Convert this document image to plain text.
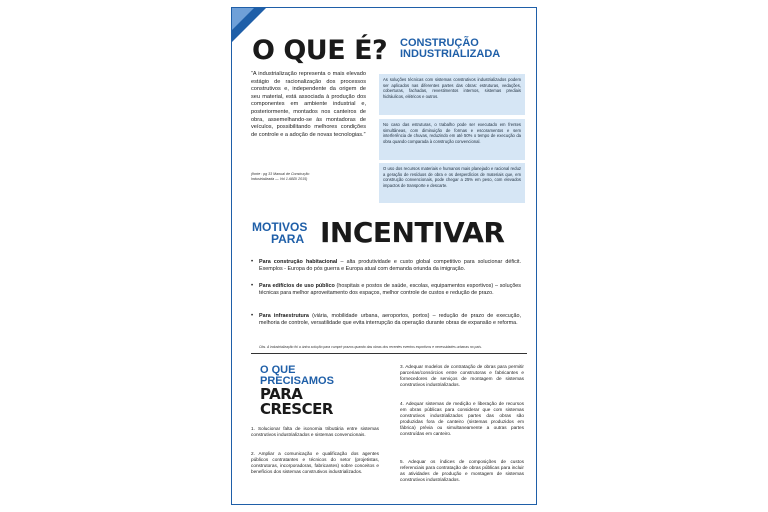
O QUE É? CONSTRUÇÃO
INDUSTRIALIZADA
“A industrialização representa o mais elevado estágio de racionalização dos processos construtivos e, independente da origem de seu material, está associada à produção dos componentes em ambiente industrial e, posteriormente, montados nos canteiros de obra, assemelhando-se às montadoras de veículos, possibilitando melhores condições de controle e a adoção de novas tecnologias.”
(fonte : pg 33 Manual de Construção Industrializada — Vol 1 ABDI 2015)
As soluções técnicas com sistemas construtivos industrializados podem ser aplicados nas diferentes partes das obras: estruturas, vedações, coberturas, fachadas, revestimentos internos, sistemas prediais hidráulicos, elétricos e outros.
No caso das estruturas, o trabalho pode ser executado em frentes simultâneas, com diminuição de formas e escoramentos e sem interferência de chuvas, reduzindo em até 50% o tempo de execução da obra quando comparada à construção convencional.
O uso dos recursos materiais e humanos mais planejado e racional reduz a geração de resíduos de obra e os desperdícios de materiais que, em construção convencionais, pode chegar a 25% em peso, com elevados impactos de transporte e descarte.
MOTIVOS
PARA INCENTIVAR
• Para construção habitacional – alta produtividade e custo global competitivo para solucionar déficit. Exemplos - Europa do pós guerra e Europa atual com demanda oriunda da imigração.
• Para edifícios de uso público (hospitais e postos de saúde, escolas, equipamentos esportivos) – soluções técnicas para melhor aproveitamento dos espaços, melhor controle de custos e redução de prazo.
• Para infraestrutura (viária, mobilidade urbana, aeroportos, portos) – redução de prazo de execução, melhoria de controle, versatilidade que evita interrupção da operação durante obras de expansão e reforma.
Obs. A industrialização foi a única solução para cumprir prazos quando das obras dos recentes eventos esportivos e necessidades urbanas no país.
O QUE
PRECISAMOS
PARA
CRESCER
1. Solucionar falta de isonomia tributária entre sistemas construtivos industrializados e sistemas convencionais.
2. Ampliar a comunicação e qualificação dos agentes públicos contratantes e técnicos do setor (projetistas, construtoras, incorporadoras, fabricantes) sobre conceitos e benefícios dos sistemas construtivos industrializados.
3. Adequar modelos de contratação de obras para permitir parcerias/consórcios entre construtoras e fabricantes e fornecedores de serviços de montagem de sistemas construtivos industrializados.
4. Adequar sistemas de medição e liberação de recursos em obras públicas para considerar que com sistemas construtivos industrializados partes das obras são produzidas fora de canteiro (sistemas produzidos em fábrica) prévia ou simultaneamente a outras partes construídas em canteiro.
5. Adequar os índices de composições de custos referenciais para contratação de obras públicas para incluir as atividades de produção e montagem de sistemas construtivos industrializados.
